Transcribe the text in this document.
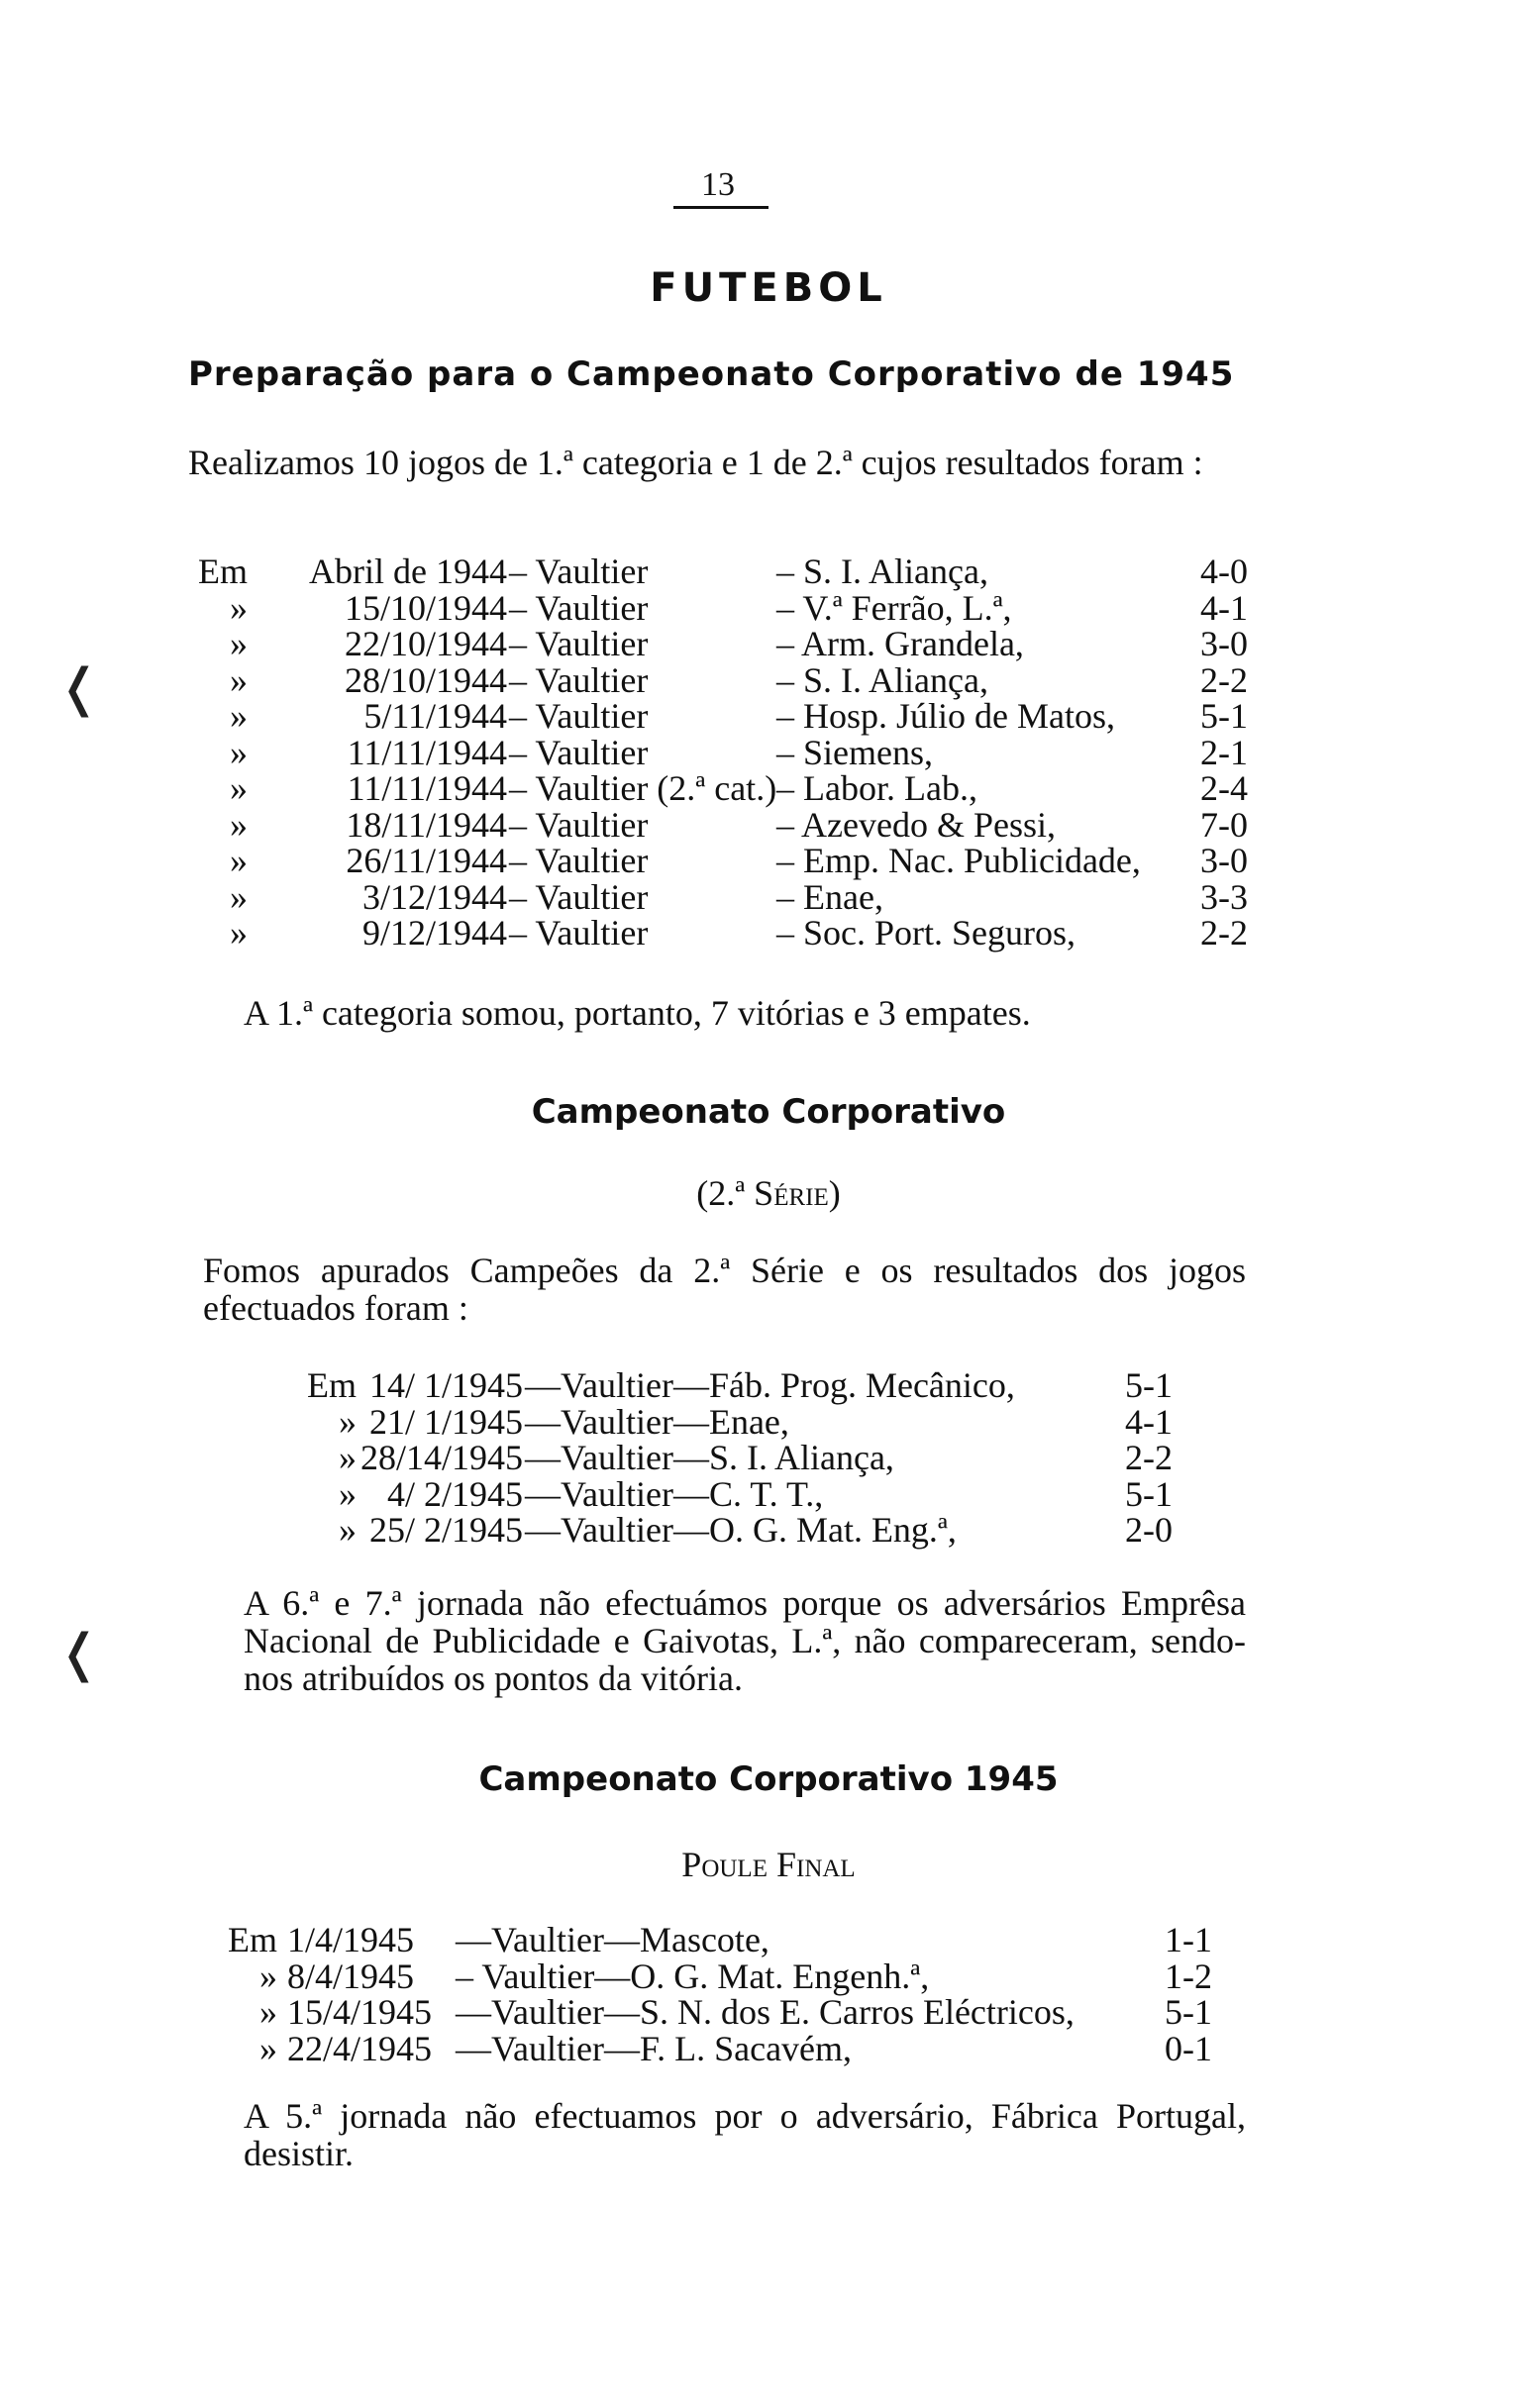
13
FUTEBOL
❬
❬
Preparação para o Campeonato Corporativo de 1945
Realizamos 10 jogos de 1.ª categoria e 1 de 2.ª cujos resultados foram :
Em	Abril de 1944 – Vaultier	– S. I. Aliança,	4-0
»	15/10/1944 – Vaultier	– V.ª Ferrão, L.ª,	4-1
»	22/10/1944 – Vaultier	– Arm. Grandela,	3-0
»	28/10/1944 – Vaultier	– S. I. Aliança,	2-2
»	5/11/1944 – Vaultier	– Hosp. Júlio de Matos,	5-1
»	11/11/1944 – Vaultier	– Siemens,	2-1
»	11/11/1944 – Vaultier (2.ª cat.) – Labor. Lab.,	2-4
»	18/11/1944 – Vaultier	– Azevedo & Pessi,	7-0
»	26/11/1944 – Vaultier	– Emp. Nac. Publicidade,	3-0
»	3/12/1944 – Vaultier	– Enae,	3-3
»	9/12/1944 – Vaultier	– Soc. Port. Seguros,	2-2
A 1.ª categoria somou, portanto, 7 vitórias e 3 empates.
Campeonato Corporativo
(2.ª Série)
Fomos apurados Campeões da 2.ª Série e os resultados dos jogos efectuados foram :
Em 14/ 1/1945 —Vaultier—Fáb. Prog. Mecânico,	5-1
» 21/ 1/1945 —Vaultier—Enae,	4-1
» 28/14/1945 —Vaultier—S. I. Aliança,	2-2
» 4/ 2/1945 —Vaultier—C. T. T.,	5-1
» 25/ 2/1945 —Vaultier—O. G. Mat. Eng.ª,	2-0
A 6.ª e 7.ª jornada não efectuámos porque os adversários Emprêsa Nacional de Publicidade e Gaivotas, L.ª, não compareceram, sendo-nos atribuídos os pontos da vitória.
Campeonato Corporativo 1945
Poule Final
Em 1/4/1945 —Vaultier—Mascote,	1-1
» 8/4/1945 – Vaultier—O. G. Mat. Engenh.ª,	1-2
» 15/4/1945 —Vaultier—S. N. dos E. Carros Eléctricos,	5-1
» 22/4/1945 —Vaultier—F. L. Sacavém,	0-1
A 5.ª jornada não efectuamos por o adversário, Fábrica Portugal, desistir.
